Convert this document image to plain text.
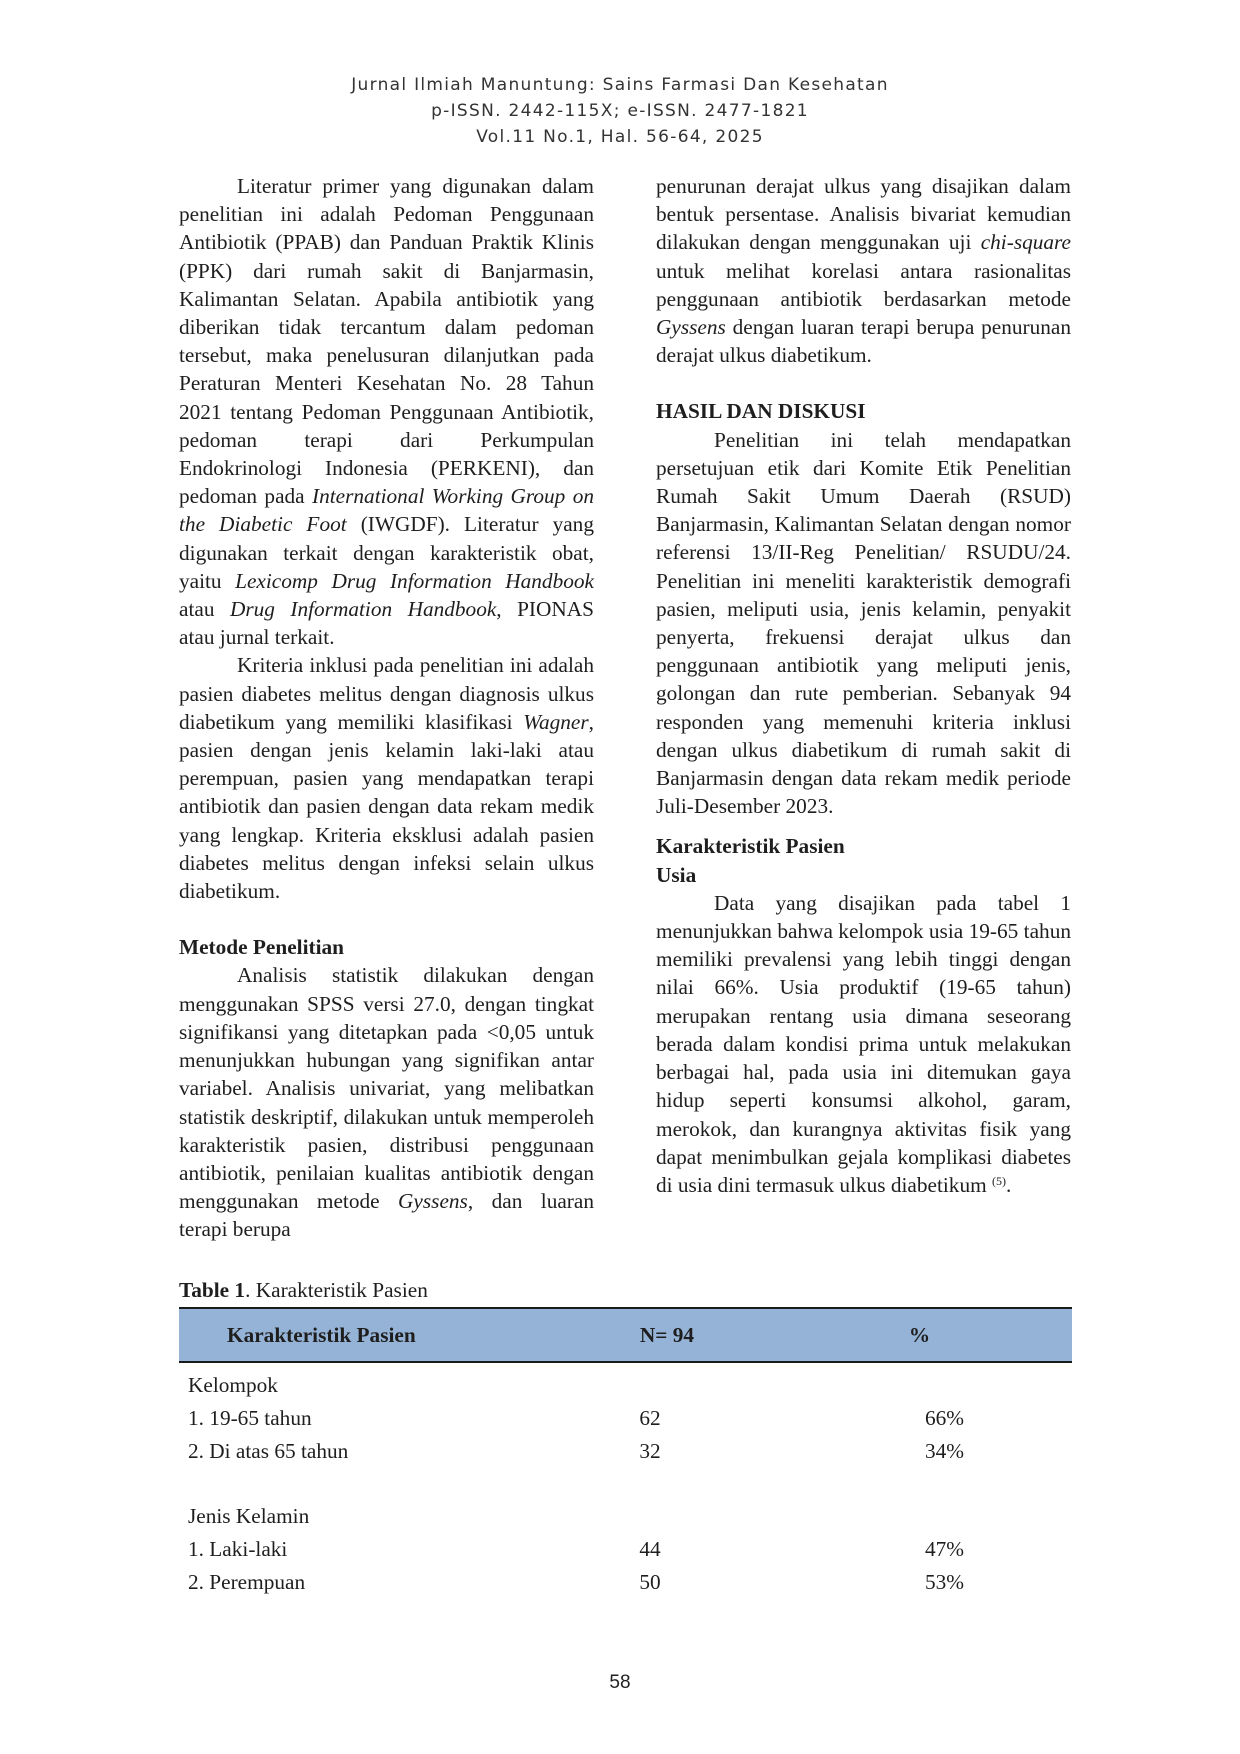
Jurnal Ilmiah Manuntung: Sains Farmasi Dan Kesehatan
p-ISSN. 2442-115X; e-ISSN. 2477-1821
Vol.11 No.1, Hal. 56-64, 2025

Literatur primer yang digunakan dalam penelitian ini adalah Pedoman Penggunaan Antibiotik (PPAB) dan Panduan Praktik Klinis (PPK) dari rumah sakit di Banjarmasin, Kalimantan Selatan. Apabila antibiotik yang diberikan tidak tercantum dalam pedoman tersebut, maka penelusuran dilanjutkan pada Peraturan Menteri Kesehatan No. 28 Tahun 2021 tentang Pedoman Penggunaan Antibiotik, pedoman terapi dari Perkumpulan Endokrinologi Indonesia (PERKENI), dan pedoman pada International Working Group on the Diabetic Foot (IWGDF). Literatur yang digunakan terkait dengan karakteristik obat, yaitu Lexicomp Drug Information Handbook atau Drug Information Handbook, PIONAS atau jurnal terkait.

Kriteria inklusi pada penelitian ini adalah pasien diabetes melitus dengan diagnosis ulkus diabetikum yang memiliki klasifikasi Wagner, pasien dengan jenis kelamin laki-laki atau perempuan, pasien yang mendapatkan terapi antibiotik dan pasien dengan data rekam medik yang lengkap. Kriteria eksklusi adalah pasien diabetes melitus dengan infeksi selain ulkus diabetikum.

Metode Penelitian

Analisis statistik dilakukan dengan menggunakan SPSS versi 27.0, dengan tingkat signifikansi yang ditetapkan pada <0,05 untuk menunjukkan hubungan yang signifikan antar variabel. Analisis univariat, yang melibatkan statistik deskriptif, dilakukan untuk memperoleh karakteristik pasien, distribusi penggunaan antibiotik, penilaian kualitas antibiotik dengan menggunakan metode Gyssens, dan luaran terapi berupa

penurunan derajat ulkus yang disajikan dalam bentuk persentase. Analisis bivariat kemudian dilakukan dengan menggunakan uji chi-square untuk melihat korelasi antara rasionalitas penggunaan antibiotik berdasarkan metode Gyssens dengan luaran terapi berupa penurunan derajat ulkus diabetikum.

HASIL DAN DISKUSI

Penelitian ini telah mendapatkan persetujuan etik dari Komite Etik Penelitian Rumah Sakit Umum Daerah (RSUD) Banjarmasin, Kalimantan Selatan dengan nomor referensi 13/II-Reg Penelitian/ RSUDU/24. Penelitian ini meneliti karakteristik demografi pasien, meliputi usia, jenis kelamin, penyakit penyerta, frekuensi derajat ulkus dan penggunaan antibiotik yang meliputi jenis, golongan dan rute pemberian. Sebanyak 94 responden yang memenuhi kriteria inklusi dengan ulkus diabetikum di rumah sakit di Banjarmasin dengan data rekam medik periode Juli-Desember 2023.

Karakteristik Pasien
Usia

Data yang disajikan pada tabel 1 menunjukkan bahwa kelompok usia 19-65 tahun memiliki prevalensi yang lebih tinggi dengan nilai 66%. Usia produktif (19-65 tahun) merupakan rentang usia dimana seseorang berada dalam kondisi prima untuk melakukan berbagai hal, pada usia ini ditemukan gaya hidup seperti konsumsi alkohol, garam, merokok, dan kurangnya aktivitas fisik yang dapat menimbulkan gejala komplikasi diabetes di usia dini termasuk ulkus diabetikum $^{(5)}$.

Table 1. Karakteristik Pasien
Karakteristik Pasien	N= 94	%
Kelompok		
1. 19-65 tahun	62	66%
2. Di atas 65 tahun	32	34%

Jenis Kelamin		
1. Laki-laki	44	47%
2. Perempuan	50	53%
58
